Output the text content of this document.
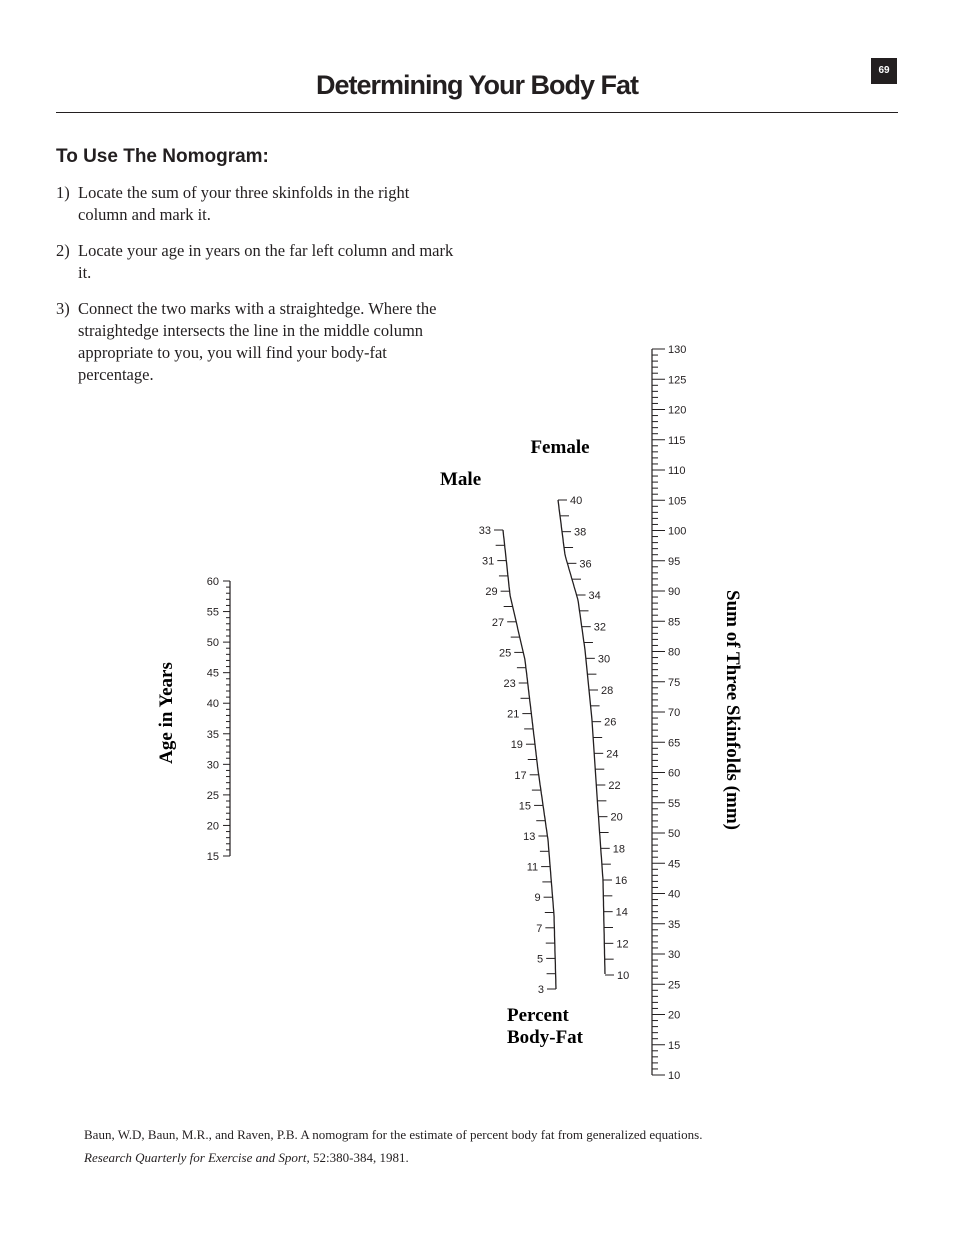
69
Determining Your Body Fat
To Use The Nomogram:
1) Locate the sum of your three skinfolds in the right column and mark it.
2) Locate your age in years on the far left column and mark it.
3) Connect the two marks with a straightedge. Where the straightedge intersects the line in the middle column appropriate to you, you will find your body-fat percentage.
15
20
25
30
35
40
45
50
55
60
10
15
20
25
30
35
40
45
50
55
60
65
70
75
80
85
90
95
100
105
110
115
120
125
130
3
5
7
9
11
13
15
17
19
21
23
25
27
29
31
33
10
12
14
16
18
20
22
24
26
28
30
32
34
36
38
40
Female
Male
Percent
Body-Fat
Age in Years	Sum of Three Skinfolds (mm)
Baun, W.D, Baun, M.R., and Raven, P.B. A nomogram for the estimate of percent body fat from generalized equations.
Research Quarterly for Exercise and Sport, 52:380-384, 1981.
